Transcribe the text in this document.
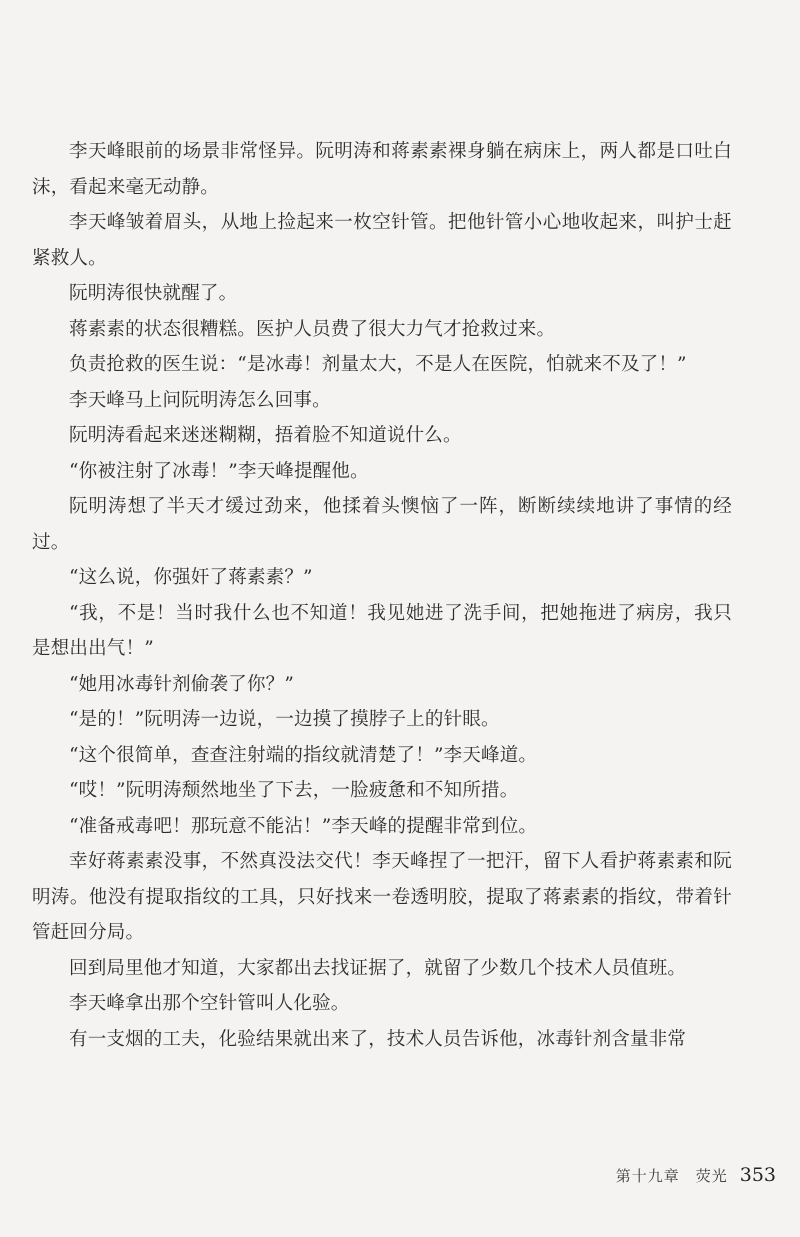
李天峰眼前的场景非常怪异。阮明涛和蒋素素裸身躺在病床上，两人都是口吐白沫，看起来毫无动静。

李天峰皱着眉头，从地上捡起来一枚空针管。把他针管小心地收起来，叫护士赶紧救人。

阮明涛很快就醒了。

蒋素素的状态很糟糕。医护人员费了很大力气才抢救过来。

负责抢救的医生说：“是冰毒！剂量太大，不是人在医院，怕就来不及了！”

李天峰马上问阮明涛怎么回事。

阮明涛看起来迷迷糊糊，捂着脸不知道说什么。

“你被注射了冰毒！”李天峰提醒他。

阮明涛想了半天才缓过劲来，他揉着头懊恼了一阵，断断续续地讲了事情的经过。

“这么说，你强奸了蒋素素？”

“我，不是！当时我什么也不知道！我见她进了洗手间，把她拖进了病房，我只是想出出气！”

“她用冰毒针剂偷袭了你？”

“是的！”阮明涛一边说，一边摸了摸脖子上的针眼。

“这个很简单，查查注射端的指纹就清楚了！”李天峰道。

“哎！”阮明涛颓然地坐了下去，一脸疲惫和不知所措。

“准备戒毒吧！那玩意不能沾！”李天峰的提醒非常到位。

幸好蒋素素没事，不然真没法交代！李天峰捏了一把汗，留下人看护蒋素素和阮明涛。他没有提取指纹的工具，只好找来一卷透明胶，提取了蒋素素的指纹，带着针管赶回分局。

回到局里他才知道，大家都出去找证据了，就留了少数几个技术人员值班。

李天峰拿出那个空针管叫人化验。

有一支烟的工夫，化验结果就出来了，技术人员告诉他，冰毒针剂含量非常

第十九章　荧光 353
